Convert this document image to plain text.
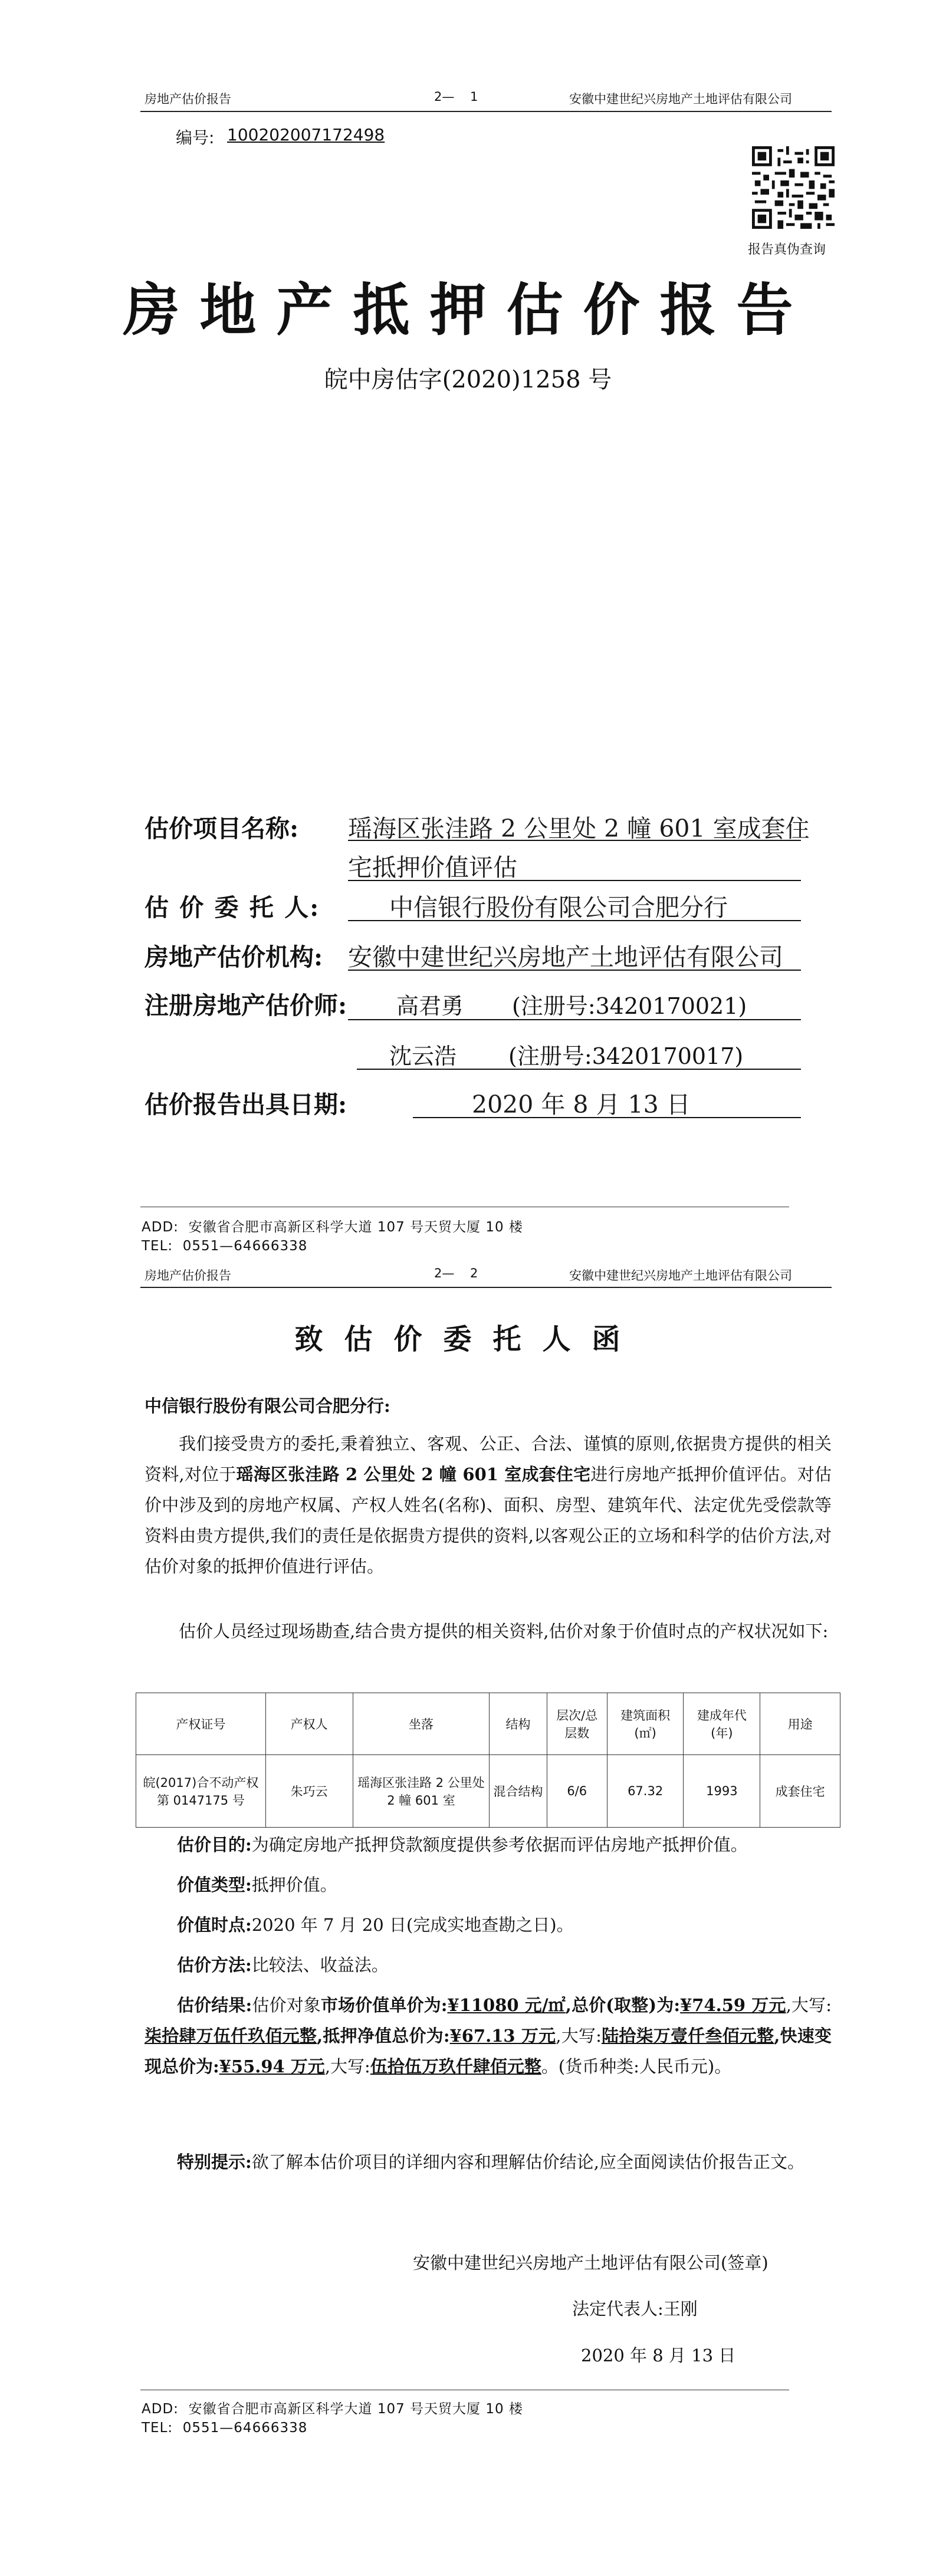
房地产估价报告	2—    1	安徽中建世纪兴房地产土地评估有限公司
编号: 100202007172498
报告真伪查询
房地产抵押估价报告
皖中房估字(2020)1258 号
估价项目名称: 瑶海区张洼路 2 公里处 2 幢 601 室成套住
宅抵押价值评估
估 价 委 托 人:	中信银行股份有限公司合肥分行
房地产估价机构: 安徽中建世纪兴房地产土地评估有限公司
注册房地产估价师: 高君勇 (注册号:3420170021)
沈云浩 (注册号:3420170017)
估价报告出具日期:	2020 年 8 月 13 日
ADD:  安徽省合肥市高新区科学大道 107 号天贸大厦 10 楼
TEL:  0551—64666338
房地产估价报告	2—    2	安徽中建世纪兴房地产土地评估有限公司
致估价委托人函
中信银行股份有限公司合肥分行:
我们接受贵方的委托,秉着独立、客观、公正、合法、谨慎的原则,依据贵方提供的相关资料,对位于瑶海区张洼路 2 公里处 2 幢 601 室成套住宅进行房地产抵押价值评估。对估价中涉及到的房地产权属、产权人姓名(名称)、面积、房型、建筑年代、法定优先受偿款等资料由贵方提供,我们的责任是依据贵方提供的资料,以客观公正的立场和科学的估价方法,对估价对象的抵押价值进行评估。
估价人员经过现场勘查,结合贵方提供的相关资料,估价对象于价值时点的产权状况如下:
产权证号	产权人	坐落	结构	层次/总层数	建筑面积(㎡)	建成年代(年)	用途
皖(2017)合不动产权第 0147175 号	朱巧云	瑶海区张洼路 2 公里处 2 幢 601 室	混合结构	6/6	67.32	1993	成套住宅
估价目的:为确定房地产抵押贷款额度提供参考依据而评估房地产抵押价值。
价值类型:抵押价值。
价值时点:2020 年 7 月 20 日(完成实地查勘之日)。
估价方法:比较法、收益法。
估价结果:估价对象市场价值单价为:¥11080 元/㎡,总价(取整)为:¥74.59 万元,大写:柒拾肆万伍仟玖佰元整,抵押净值总价为:¥67.13 万元,大写:陆拾柒万壹仟叁佰元整,快速变现总价为:¥55.94 万元,大写:伍拾伍万玖仟肆佰元整。(货币种类:人民币元)。
特别提示:欲了解本估价项目的详细内容和理解估价结论,应全面阅读估价报告正文。
安徽中建世纪兴房地产土地评估有限公司(签章)
法定代表人:王刚
2020 年 8 月 13 日
ADD:  安徽省合肥市高新区科学大道 107 号天贸大厦 10 楼
TEL:  0551—64666338
